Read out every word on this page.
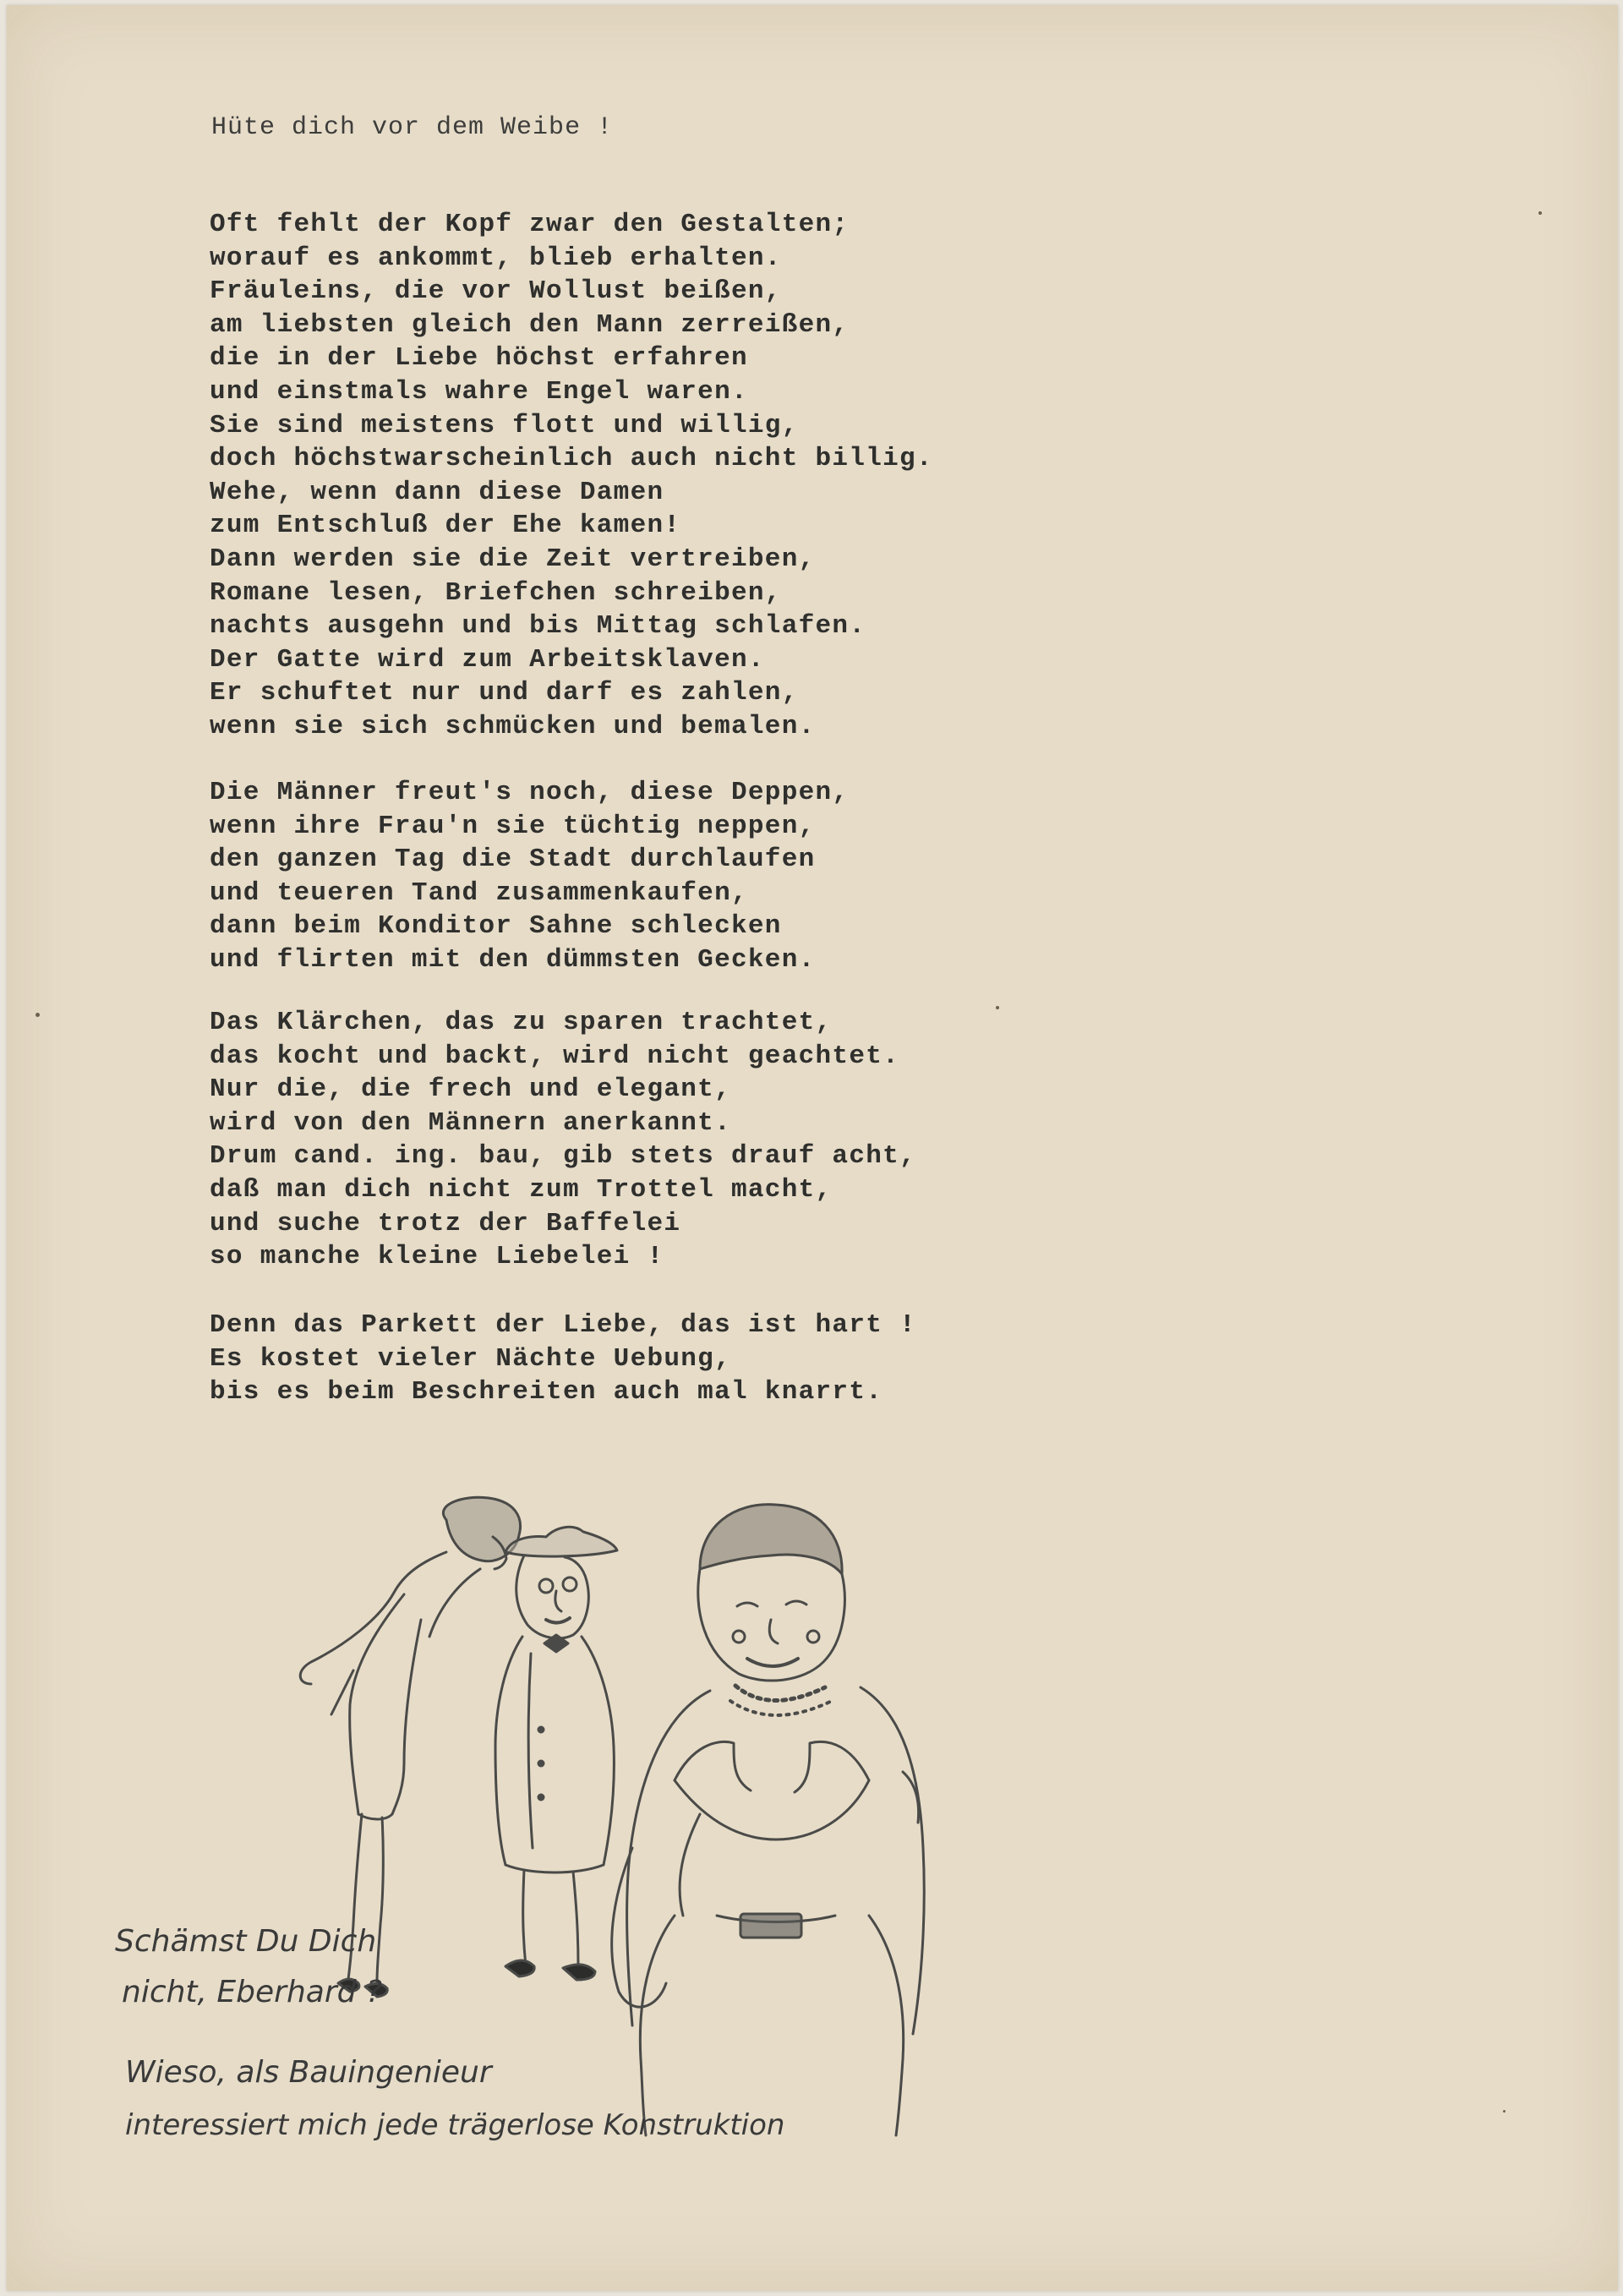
Hüte dich vor dem Weibe !
Oft fehlt der Kopf zwar den Gestalten;
worauf es ankommt, blieb erhalten.
Fräuleins, die vor Wollust beißen,
am liebsten gleich den Mann zerreißen,
die in der Liebe höchst erfahren
und einstmals wahre Engel waren.
Sie sind meistens flott und willig,
doch höchstwarscheinlich auch nicht billig.
Wehe, wenn dann diese Damen
zum Entschluß der Ehe kamen!
Dann werden sie die Zeit vertreiben,
Romane lesen, Briefchen schreiben,
nachts ausgehn und bis Mittag schlafen.
Der Gatte wird zum Arbeitsklaven.
Er schuftet nur und darf es zahlen,
wenn sie sich schmücken und bemalen.
Die Männer freut's noch, diese Deppen,
wenn ihre Frau'n sie tüchtig neppen,
den ganzen Tag die Stadt durchlaufen
und teueren Tand zusammenkaufen,
dann beim Konditor Sahne schlecken
und flirten mit den dümmsten Gecken.
Das Klärchen, das zu sparen trachtet,
das kocht und backt, wird nicht geachtet.
Nur die, die frech und elegant,
wird von den Männern anerkannt.
Drum cand. ing. bau, gib stets drauf acht,
daß man dich nicht zum Trottel macht,
und suche trotz der Baffelei
so manche kleine Liebelei !
Denn das Parkett der Liebe, das ist hart !
Es kostet vieler Nächte Uebung,
bis es beim Beschreiten auch mal knarrt.
Schämst Du Dich
nicht, Eberhard ?
Wieso, als Bauingenieur
interessiert mich jede trägerlose Konstruktion
